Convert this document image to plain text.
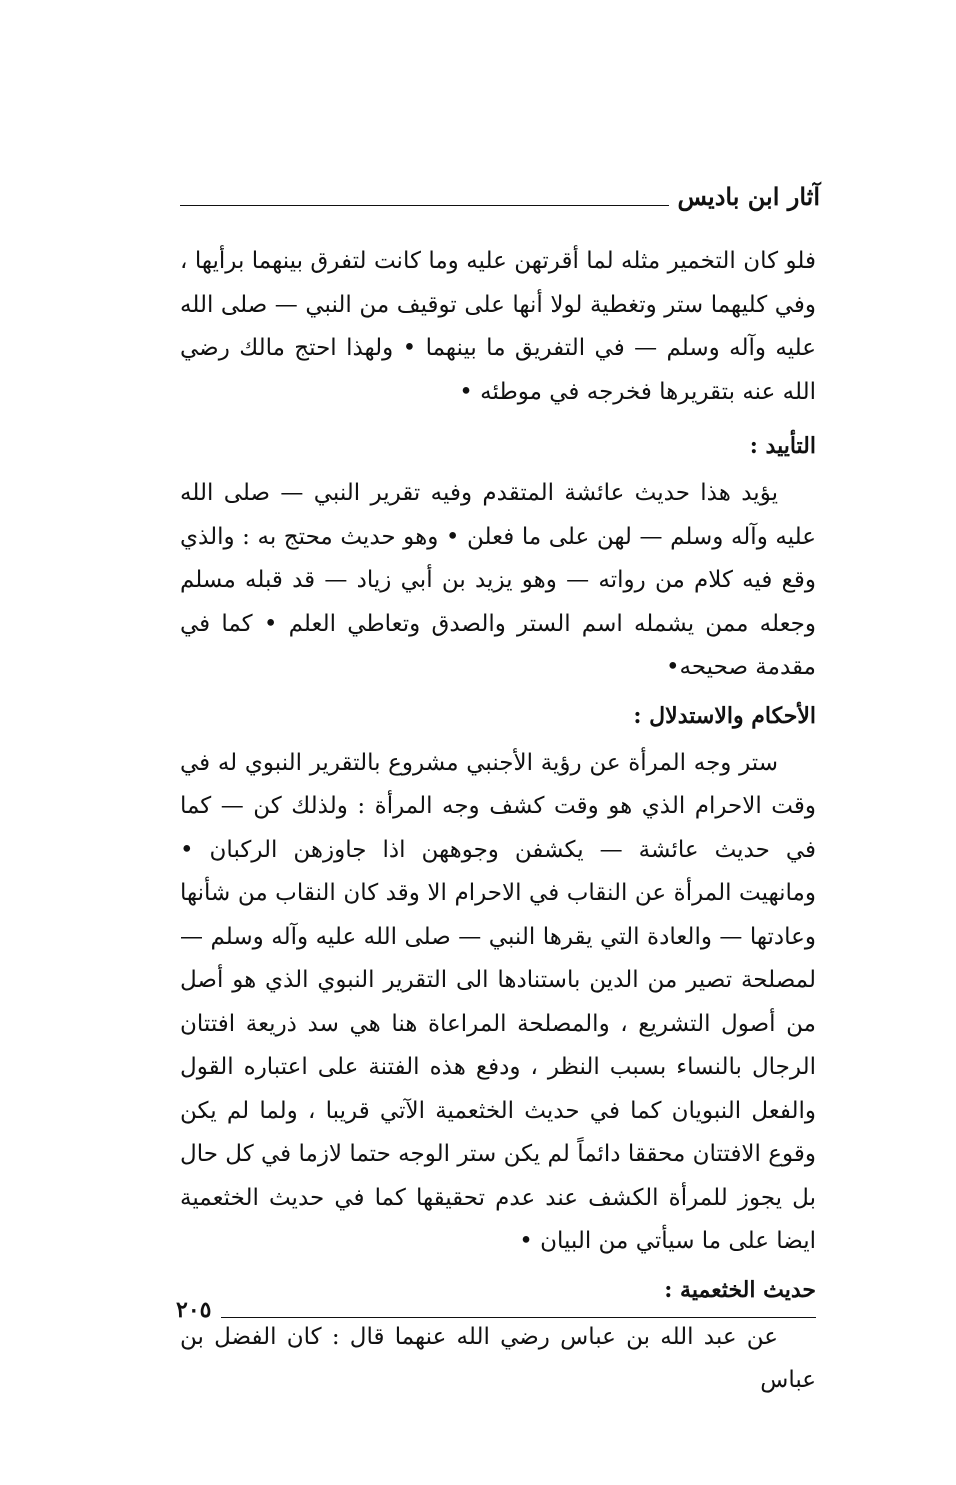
آثار ابن باديس

فلو كان التخمير مثله لما أقرتهن عليه وما كانت لتفرق بينهما برأيها ، وفي كليهما ستر وتغطية لولا أنها على توقيف من النبي — صلى الله عليه وآله وسلم — في التفريق ما بينهما • ولهذا احتج مالك رضي الله عنه بتقريرها فخرجه في موطئه •

التأييد :

يؤيد هذا حديث عائشة المتقدم وفيه تقرير النبي — صلى الله عليه وآله وسلم — لهن على ما فعلن • وهو حديث محتج به : والذي وقع فيه كلام من رواته — وهو يزيد بن أبي زياد — قد قبله مسلم وجعله ممن يشمله اسم الستر والصدق وتعاطي العلم • كما في مقدمة صحيحه•

الأحكام والاستدلال :

ستر وجه المرأة عن رؤية الأجنبي مشروع بالتقرير النبوي له في وقت الاحرام الذي هو وقت كشف وجه المرأة : ولذلك كن — كما في حديث عائشة — يكشفن وجوههن اذا جاوزهن الركبان • ومانهيت المرأة عن النقاب في الاحرام الا وقد كان النقاب من شأنها وعادتها — والعادة التي يقرها النبي — صلى الله عليه وآله وسلم — لمصلحة تصير من الدين باستنادها الى التقرير النبوي الذي هو أصل من أصول التشريع ، والمصلحة المراعاة هنا هي سد ذريعة افتتان الرجال بالنساء بسبب النظر ، ودفع هذه الفتنة على اعتباره القول والفعل النبويان كما في حديث الخثعمية الآتي قريبا ، ولما لم يكن وقوع الافتتان محققا دائماً لم يكن ستر الوجه حتما لازما في كل حال بل يجوز للمرأة الكشف عند عدم تحقيقها كما في حديث الخثعمية ايضا على ما سيأتي من البيان •

حديث الخثعمية :

عن عبد الله بن عباس رضي الله عنهما قال : كان الفضل بن عباس

٢٠٥
